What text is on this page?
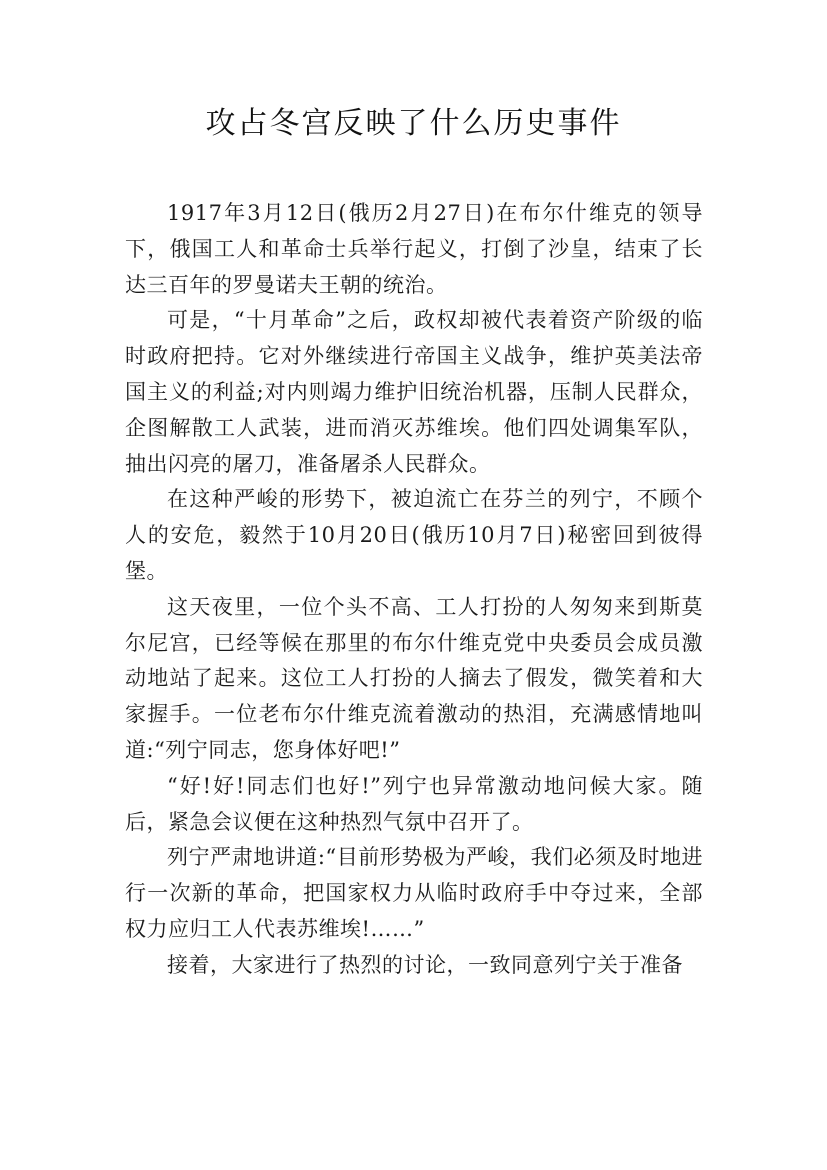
攻占冬宫反映了什么历史事件

1917年3月12日(俄历2月27日)在布尔什维克的领导下，俄国工人和革命士兵举行起义，打倒了沙皇，结束了长达三百年的罗曼诺夫王朝的统治。

可是，“十月革命”之后，政权却被代表着资产阶级的临时政府把持。它对外继续进行帝国主义战争，维护英美法帝国主义的利益;对内则竭力维护旧统治机器，压制人民群众，企图解散工人武装，进而消灭苏维埃。他们四处调集军队，抽出闪亮的屠刀，准备屠杀人民群众。

在这种严峻的形势下，被迫流亡在芬兰的列宁，不顾个人的安危，毅然于10月20日(俄历10月7日)秘密回到彼得堡。

这天夜里，一位个头不高、工人打扮的人匆匆来到斯莫尔尼宫，已经等候在那里的布尔什维克党中央委员会成员激动地站了起来。这位工人打扮的人摘去了假发，微笑着和大家握手。一位老布尔什维克流着激动的热泪，充满感情地叫道:“列宁同志，您身体好吧!”

“好!好!同志们也好!”列宁也异常激动地问候大家。随后，紧急会议便在这种热烈气氛中召开了。

列宁严肃地讲道:“目前形势极为严峻，我们必须及时地进行一次新的革命，把国家权力从临时政府手中夺过来，全部权力应归工人代表苏维埃!……”

接着，大家进行了热烈的讨论，一致同意列宁关于准备
